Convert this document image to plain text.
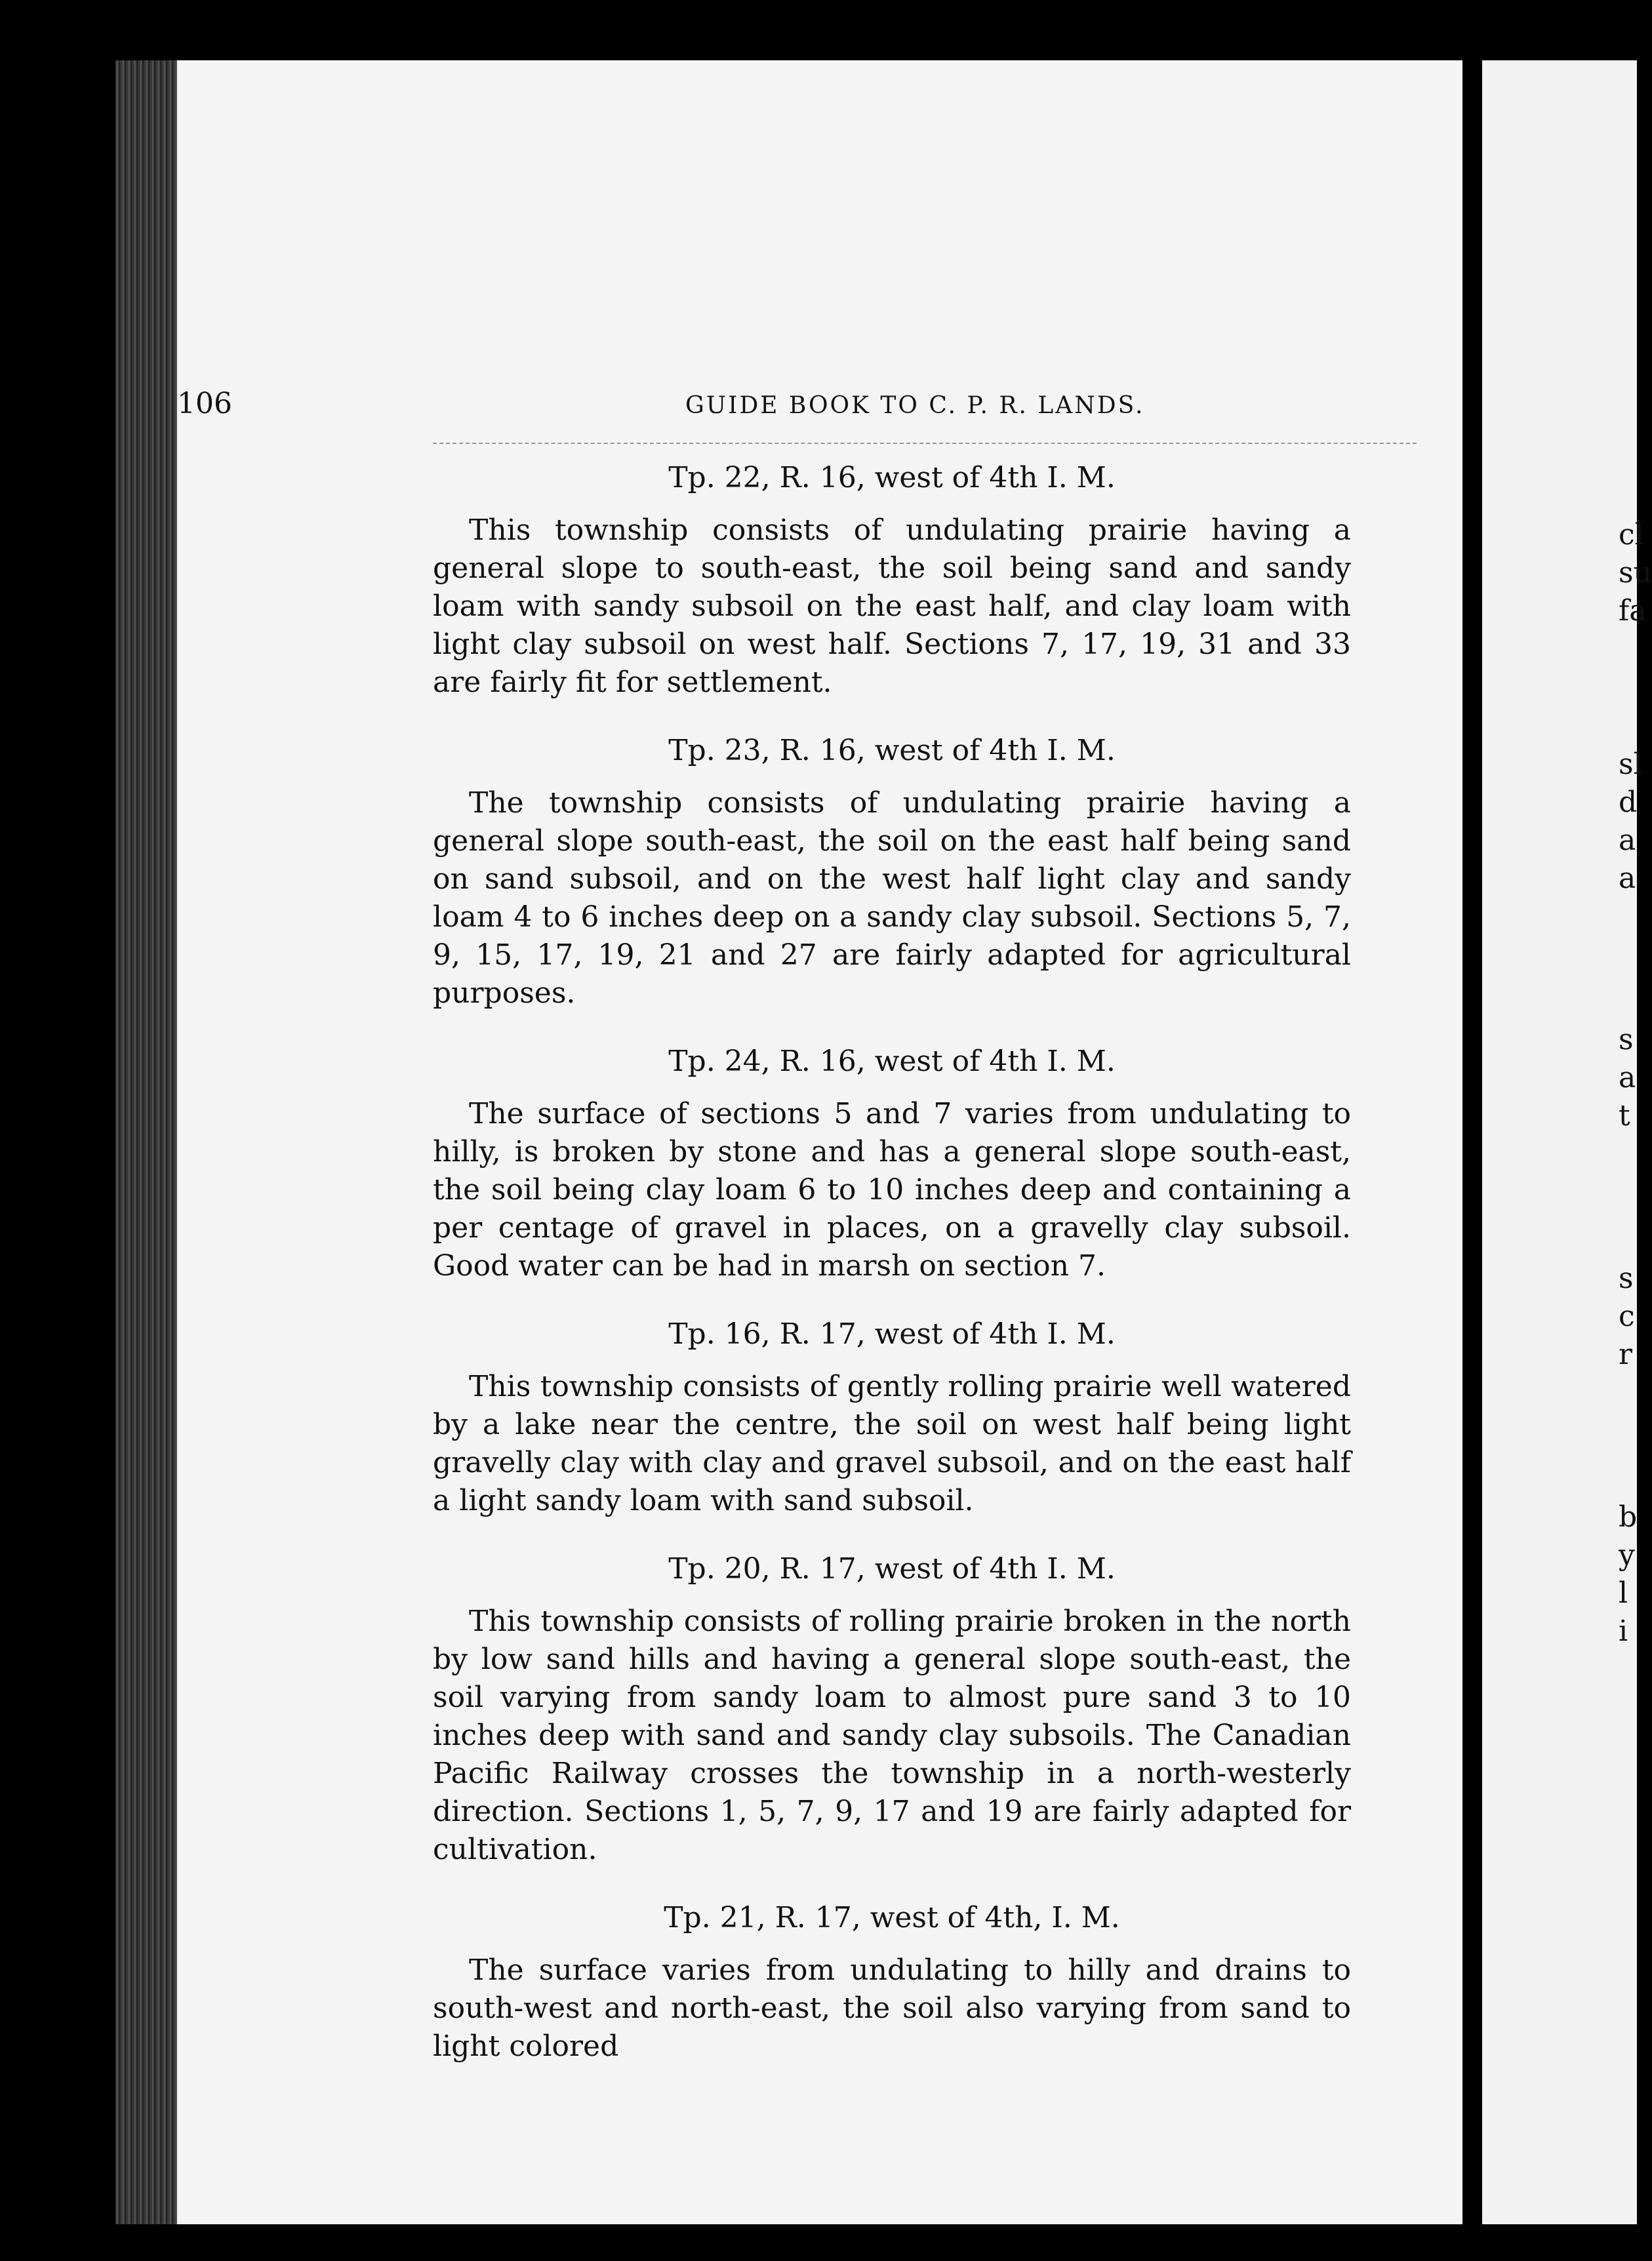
106	GUIDE BOOK TO C. P. R. LANDS.

Tp. 22, R. 16, west of 4th I. M.

This township consists of undulating prairie having a general slope to south-east, the soil being sand and sandy loam with sandy subsoil on the east half, and clay loam with light clay subsoil on west half. Sections 7, 17, 19, 31 and 33 are fairly fit for settlement.

Tp. 23, R. 16, west of 4th I. M.

The township consists of undulating prairie having a general slope south-east, the soil on the east half being sand on sand subsoil, and on the west half light clay and sandy loam 4 to 6 inches deep on a sandy clay subsoil. Sections 5, 7, 9, 15, 17, 19, 21 and 27 are fairly adapted for agricultural purposes.

Tp. 24, R. 16, west of 4th I. M.

The surface of sections 5 and 7 varies from undulating to hilly, is broken by stone and has a general slope south-east, the soil being clay loam 6 to 10 inches deep and containing a per centage of gravel in places, on a gravelly clay subsoil. Good water can be had in marsh on section 7.

Tp. 16, R. 17, west of 4th I. M.

This township consists of gently rolling prairie well watered by a lake near the centre, the soil on west half being light gravelly clay with clay and gravel subsoil, and on the east half a light sandy loam with sand subsoil.

Tp. 20, R. 17, west of 4th I. M.

This township consists of rolling prairie broken in the north by low sand hills and having a general slope south-east, the soil varying from sandy loam to almost pure sand 3 to 10 inches deep with sand and sandy clay subsoils. The Canadian Pacific Railway crosses the township in a north-westerly direction. Sections 1, 5, 7, 9, 17 and 19 are fairly adapted for cultivation.

Tp. 21, R. 17, west of 4th, I. M.

The surface varies from undulating to hilly and drains to south-west and north-east, the soil also varying from sand to light colored

cl
su
fa
sl
d
a
a
s
a
t
s
c
r
b
y
l
i
